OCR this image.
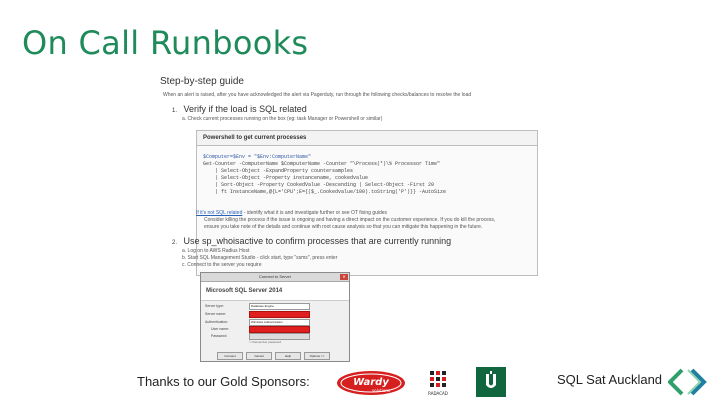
On Call Runbooks
Step-by-step guide
When an alert is raised, after you have acknowledged the alert via Pagerduty, run through the following checks/balances to resolve the load
1. Verify if the load is SQL related
a. Check current processes running on the box (eg: task Manager or Powershell or similar)
Powershell to get current processes
$Computer=$Env = "$Env:ComputerName"
Get-Counter -ComputerName $ComputerName -Counter "\Process(*)\% Processor Time"
| Select-Object -ExpandProperty countersamples
| Select-Object -Property instancename, cookedvalue
| Sort-Object -Property CookedValue -Descending | Select-Object -First 20
| ft InstanceName,@{L='CPU';E={($_.Cookedvalue/100).toString('P')}} -AutoSize
If it's not SQL related - identify what it is and investigate further or see OT fixing guides
Consider killing the process if the issue is ongoing and having a direct impact on the customer experience. If you do kill the process,
ensure you take note of the details and continue with root cause analysis so that you can mitigate this happening in the future.
2. Use sp_whoisactive to confirm processes that are currently running
a. Log on to AWS Radius Host
b. Start SQL Management Studio - click start, type "ssms", press enter
c. Connect to the server you require
Connect to Server	✕
Microsoft SQL Server 2014
Server type:	Database Engine
Server name:
Authentication:	Windows Authentication
User name:
Password:
☐ Remember password
Connect	Cancel	Help	Options >>
Thanks to our Gold Sponsors:	Wardy
solutions
RADACAD
SQL Sat Auckland
